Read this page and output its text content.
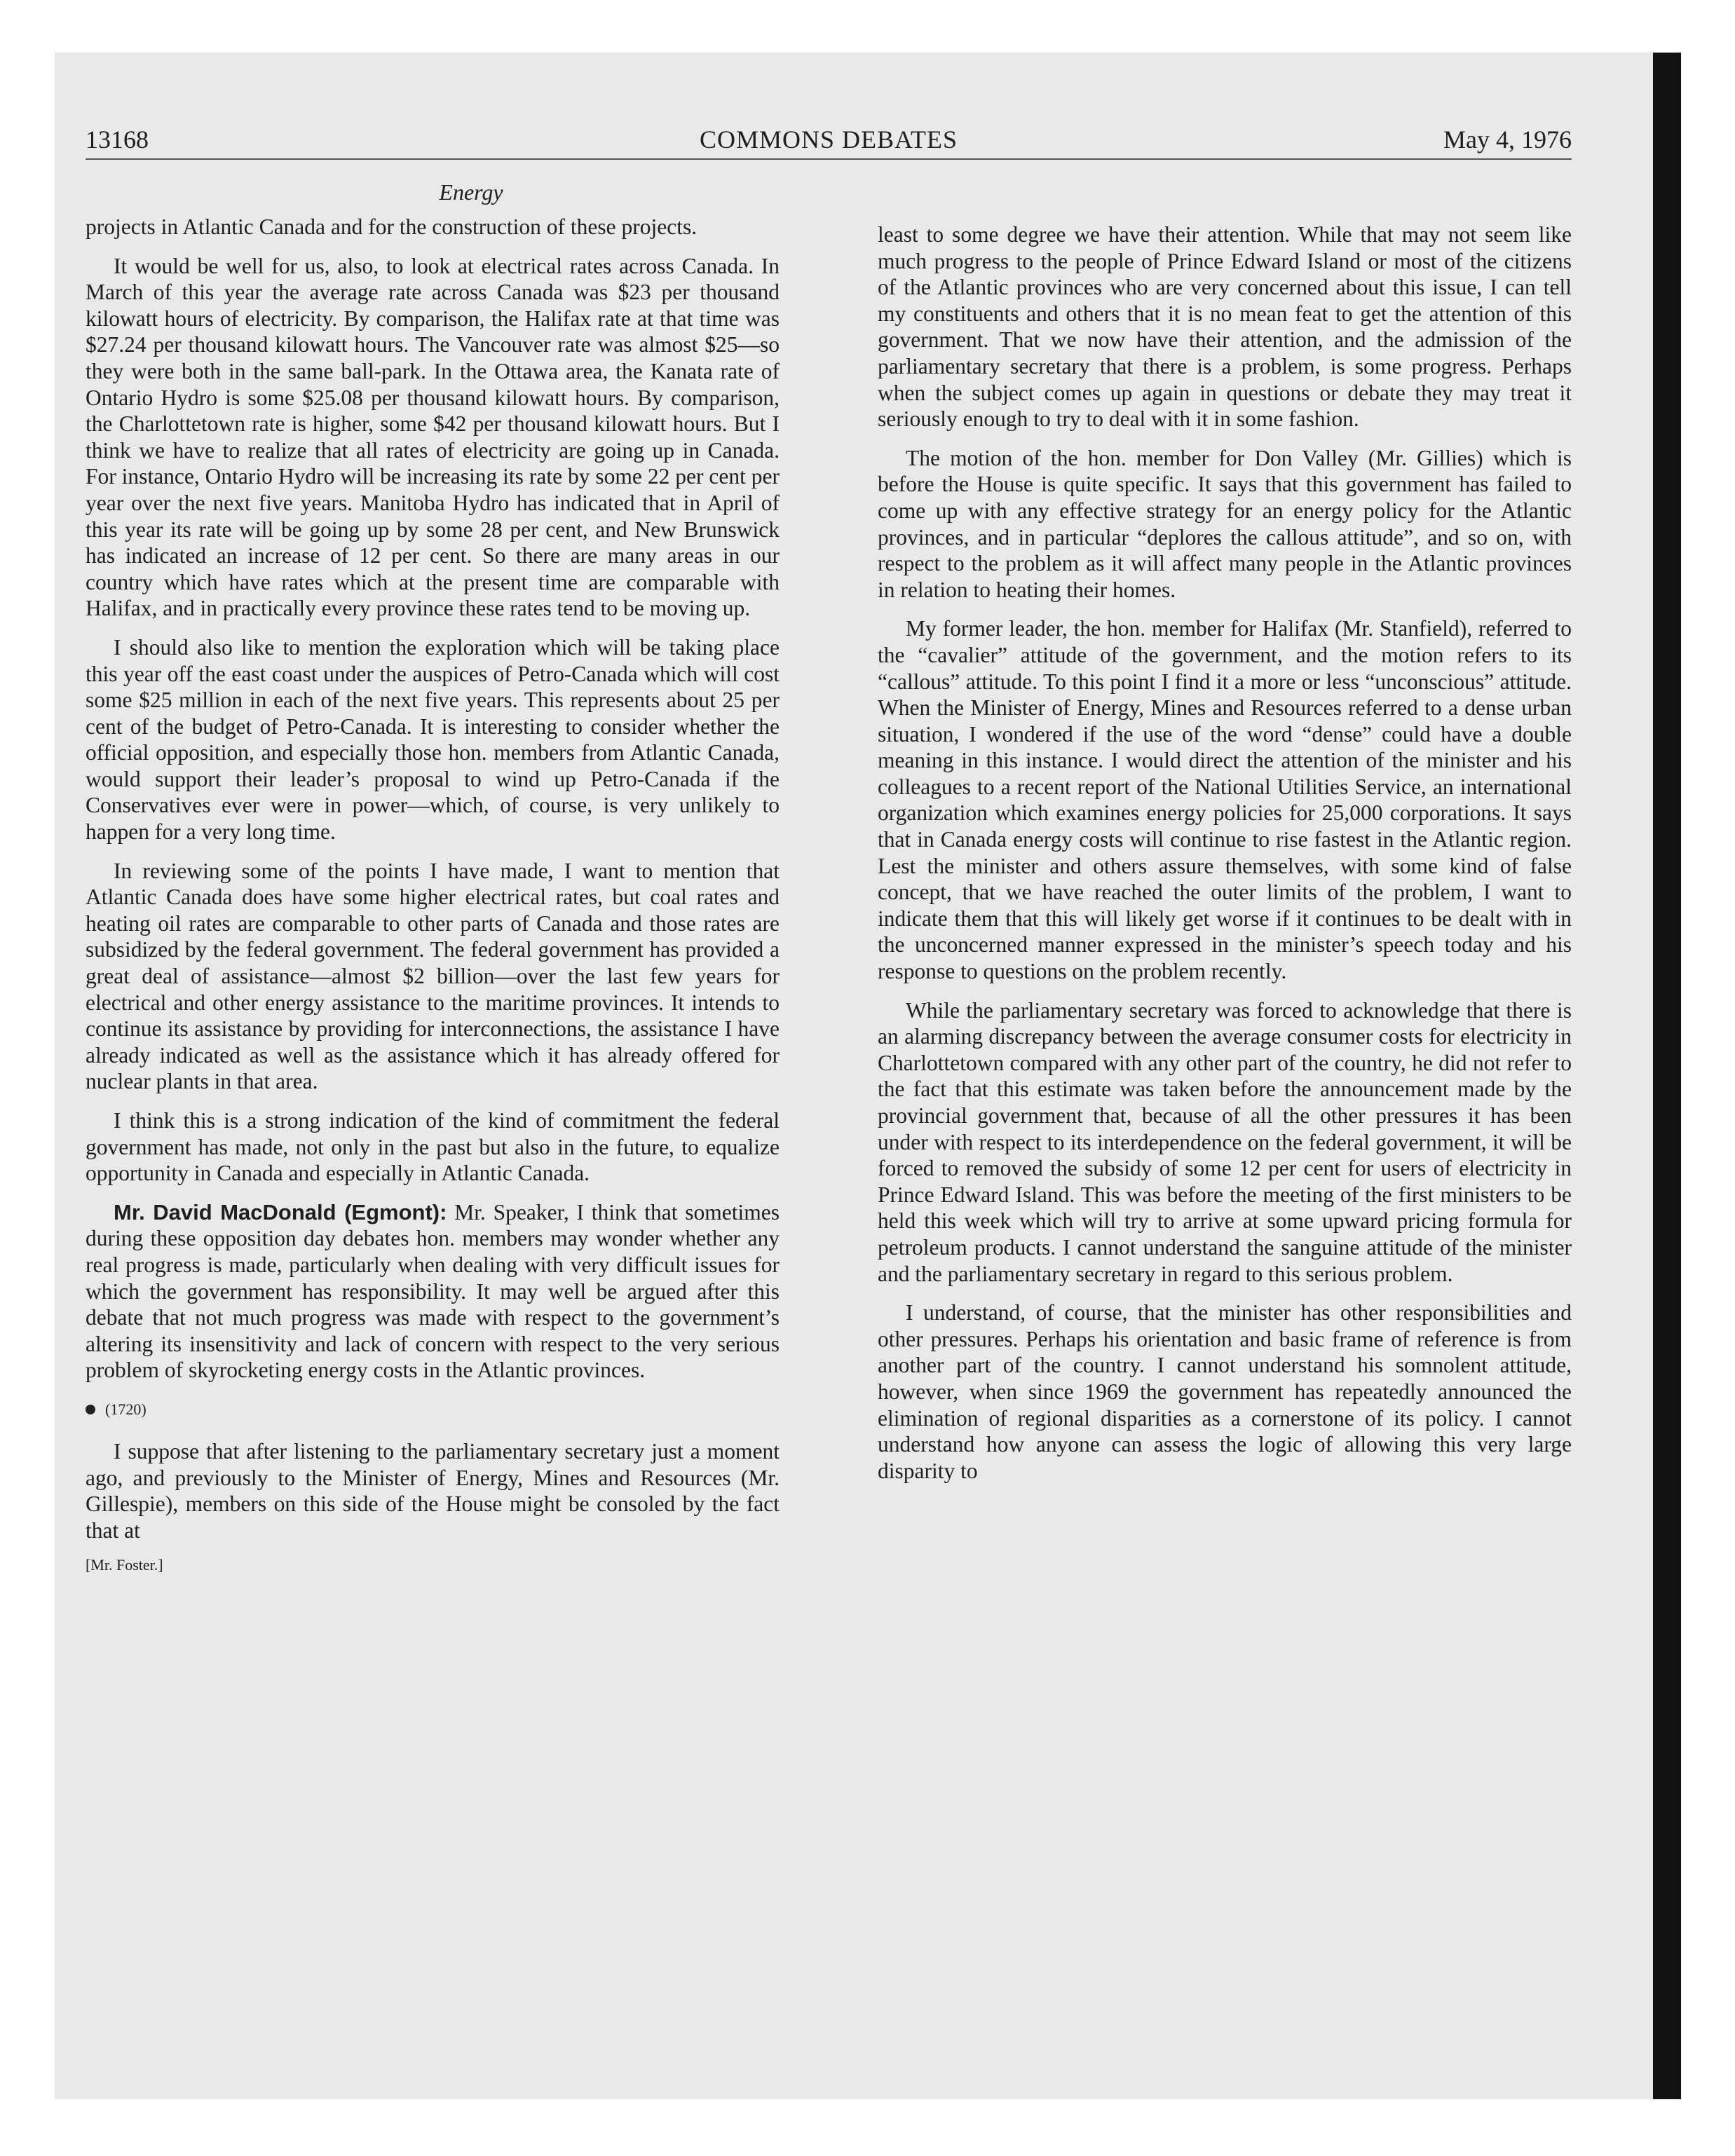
13168	COMMONS DEBATES	May 4, 1976
Energy

projects in Atlantic Canada and for the construction of these projects.

It would be well for us, also, to look at electrical rates across Canada. In March of this year the average rate across Canada was $23 per thousand kilowatt hours of electricity. By comparison, the Halifax rate at that time was $27.24 per thousand kilowatt hours. The Vancouver rate was almost $25—so they were both in the same ball-park. In the Ottawa area, the Kanata rate of Ontario Hydro is some $25.08 per thousand kilowatt hours. By comparison, the Charlottetown rate is higher, some $42 per thousand kilowatt hours. But I think we have to realize that all rates of electricity are going up in Canada. For instance, Ontario Hydro will be increasing its rate by some 22 per cent per year over the next five years. Manitoba Hydro has indicated that in April of this year its rate will be going up by some 28 per cent, and New Brunswick has indicated an increase of 12 per cent. So there are many areas in our country which have rates which at the present time are comparable with Halifax, and in practically every province these rates tend to be moving up.

I should also like to mention the exploration which will be taking place this year off the east coast under the auspices of Petro-Canada which will cost some $25 million in each of the next five years. This represents about 25 per cent of the budget of Petro-Canada. It is interesting to consider whether the official opposition, and especially those hon. members from Atlantic Canada, would support their leader’s proposal to wind up Petro-Canada if the Conservatives ever were in power—which, of course, is very unlikely to happen for a very long time.

In reviewing some of the points I have made, I want to mention that Atlantic Canada does have some higher electrical rates, but coal rates and heating oil rates are comparable to other parts of Canada and those rates are subsidized by the federal government. The federal government has provided a great deal of assistance—almost $2 billion—over the last few years for electrical and other energy assistance to the maritime provinces. It intends to continue its assistance by providing for interconnections, the assistance I have already indicated as well as the assistance which it has already offered for nuclear plants in that area.

I think this is a strong indication of the kind of commitment the federal government has made, not only in the past but also in the future, to equalize opportunity in Canada and especially in Atlantic Canada.

Mr. David MacDonald (Egmont): Mr. Speaker, I think that sometimes during these opposition day debates hon. members may wonder whether any real progress is made, particularly when dealing with very difficult issues for which the government has responsibility. It may well be argued after this debate that not much progress was made with respect to the government’s altering its insensitivity and lack of concern with respect to the very serious problem of skyrocketing energy costs in the Atlantic provinces.

(1720)

I suppose that after listening to the parliamentary secretary just a moment ago, and previously to the Minister of Energy, Mines and Resources (Mr. Gillespie), members on this side of the House might be consoled by the fact that at

[Mr. Foster.]

least to some degree we have their attention. While that may not seem like much progress to the people of Prince Edward Island or most of the citizens of the Atlantic provinces who are very concerned about this issue, I can tell my constituents and others that it is no mean feat to get the attention of this government. That we now have their attention, and the admission of the parliamentary secretary that there is a problem, is some progress. Perhaps when the subject comes up again in questions or debate they may treat it seriously enough to try to deal with it in some fashion.

The motion of the hon. member for Don Valley (Mr. Gillies) which is before the House is quite specific. It says that this government has failed to come up with any effective strategy for an energy policy for the Atlantic provinces, and in particular “deplores the callous attitude”, and so on, with respect to the problem as it will affect many people in the Atlantic provinces in relation to heating their homes.

My former leader, the hon. member for Halifax (Mr. Stanfield), referred to the “cavalier” attitude of the government, and the motion refers to its “callous” attitude. To this point I find it a more or less “unconscious” attitude. When the Minister of Energy, Mines and Resources referred to a dense urban situation, I wondered if the use of the word “dense” could have a double meaning in this instance. I would direct the attention of the minister and his colleagues to a recent report of the National Utilities Service, an international organization which examines energy policies for 25,000 corporations. It says that in Canada energy costs will continue to rise fastest in the Atlantic region. Lest the minister and others assure themselves, with some kind of false concept, that we have reached the outer limits of the problem, I want to indicate them that this will likely get worse if it continues to be dealt with in the unconcerned manner expressed in the minister’s speech today and his response to questions on the problem recently.

While the parliamentary secretary was forced to acknowledge that there is an alarming discrepancy between the average consumer costs for electricity in Charlottetown compared with any other part of the country, he did not refer to the fact that this estimate was taken before the announcement made by the provincial government that, because of all the other pressures it has been under with respect to its interdependence on the federal government, it will be forced to removed the subsidy of some 12 per cent for users of electricity in Prince Edward Island. This was before the meeting of the first ministers to be held this week which will try to arrive at some upward pricing formula for petroleum products. I cannot understand the sanguine attitude of the minister and the parliamentary secretary in regard to this serious problem.

I understand, of course, that the minister has other responsibilities and other pressures. Perhaps his orientation and basic frame of reference is from another part of the country. I cannot understand his somnolent attitude, however, when since 1969 the government has repeatedly announced the elimination of regional disparities as a cornerstone of its policy. I cannot understand how anyone can assess the logic of allowing this very large disparity to
